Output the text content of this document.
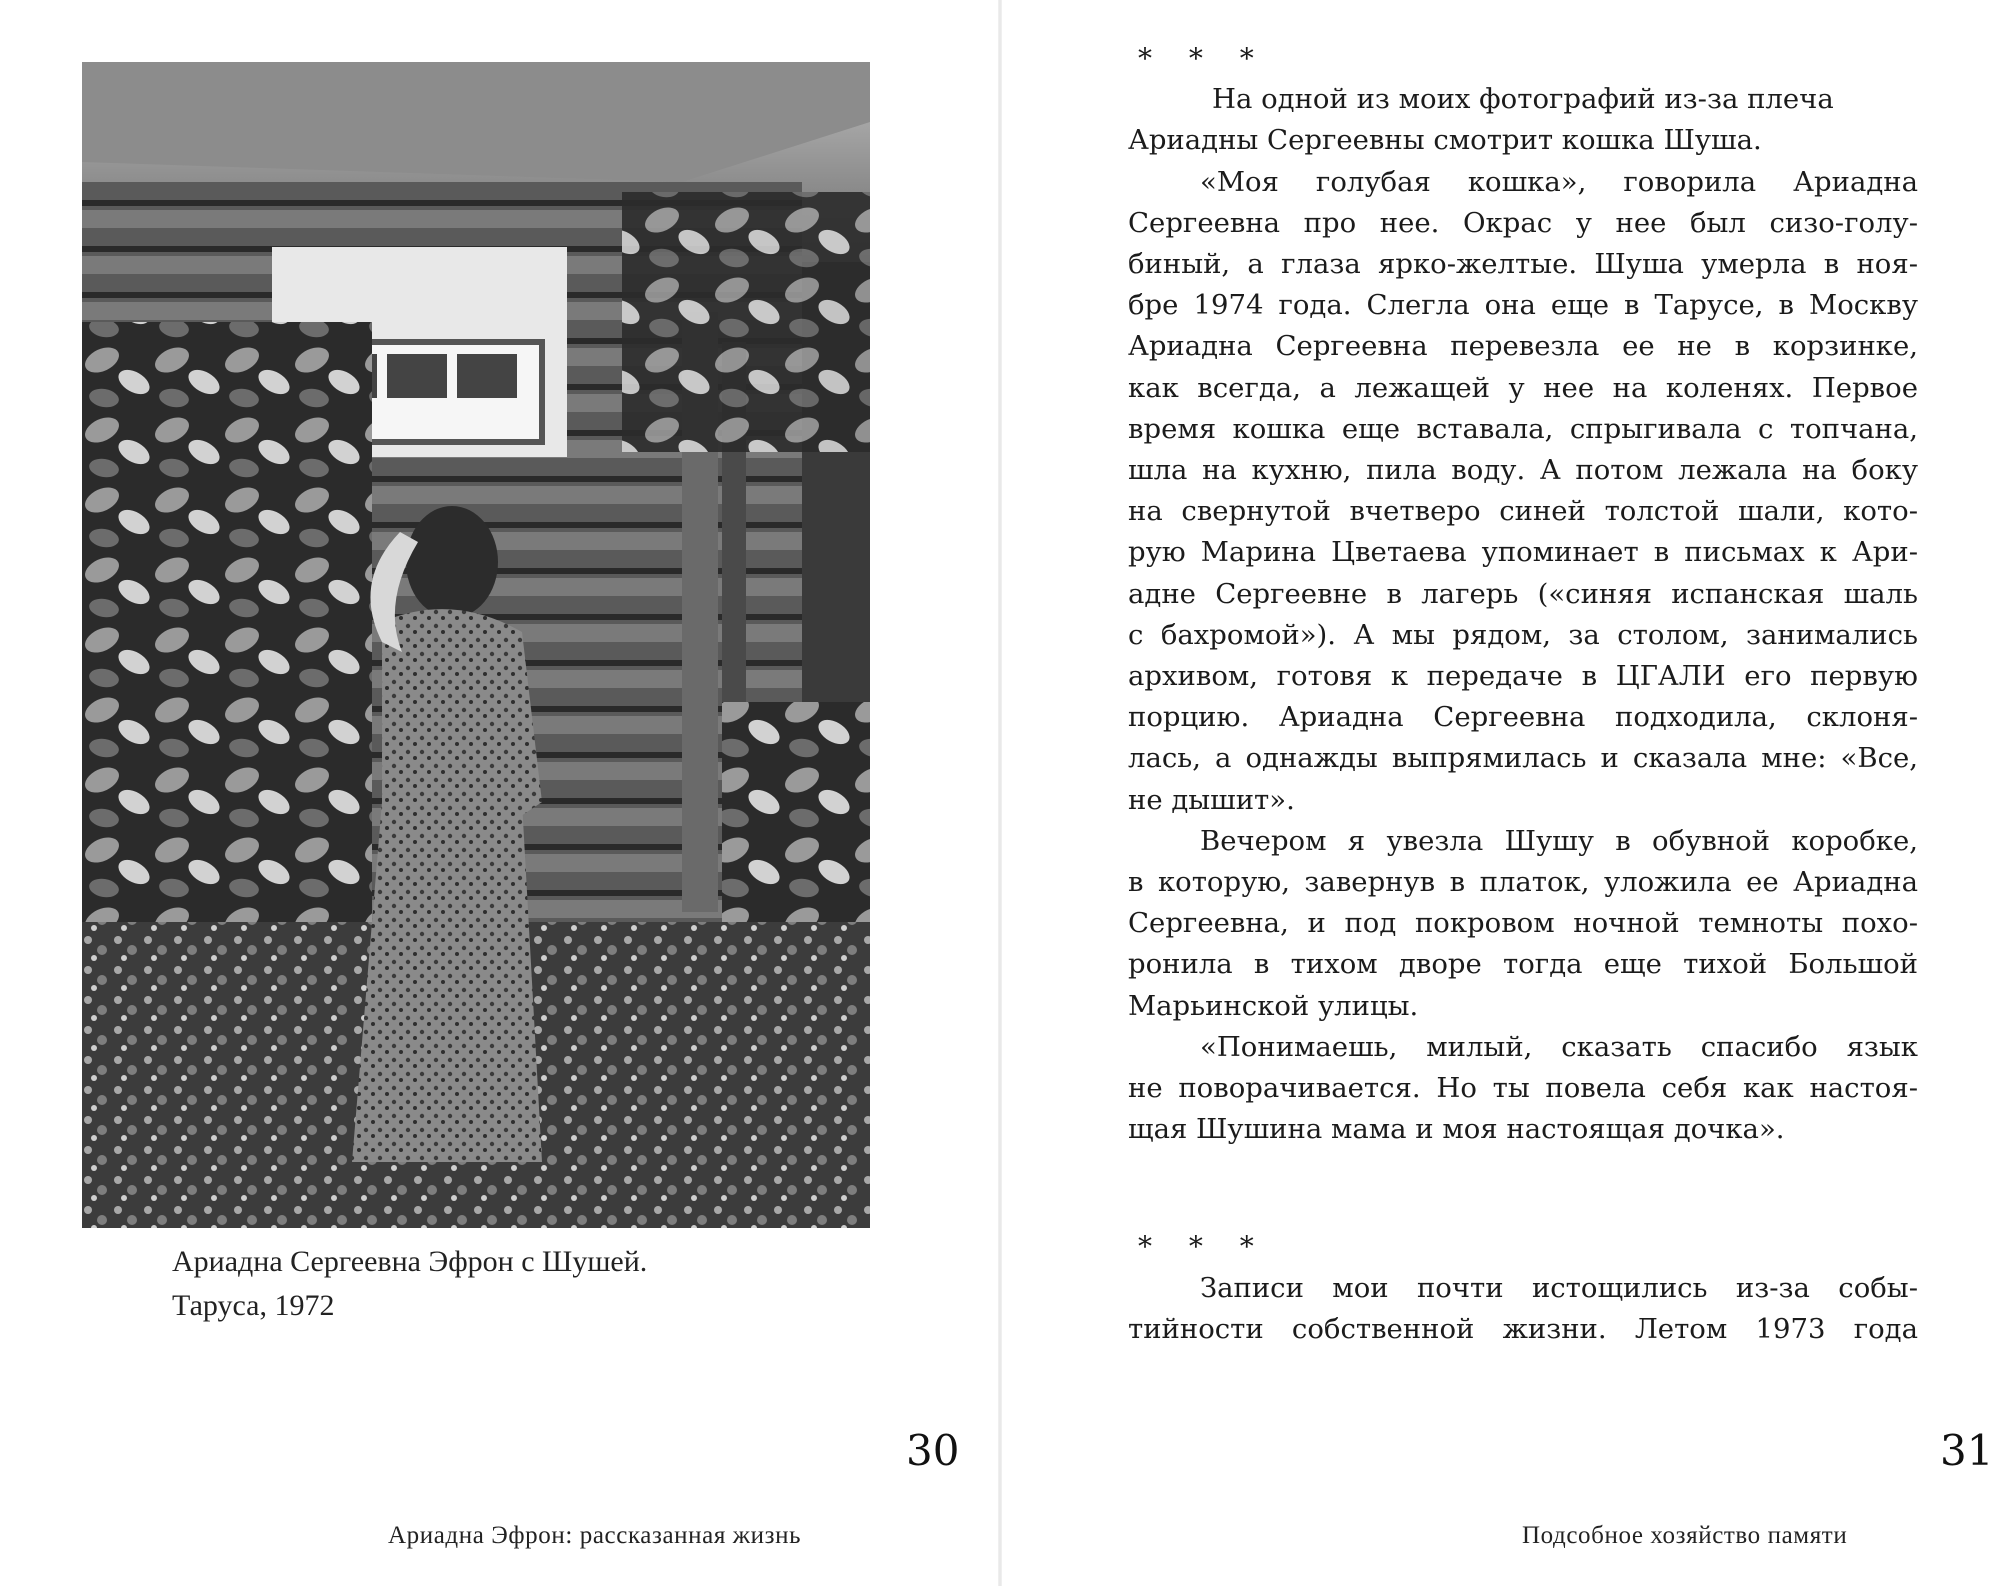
Ариадна Сергеевна Эфрон с Шушей.
Таруса, 1972
30
Ариадна Эфрон: рассказанная жизнь
* * *
На одной из моих фотографий из-за плеча
Ариадны Сергеевны смотрит кошка Шуша.
«Моя голубая кошка», говорила Ариадна
Сергеевна про нее. Окрас у нее был сизо-голу-
биный, а глаза ярко-желтые. Шуша умерла в ноя-
бре 1974 года. Слегла она еще в Тарусе, в Москву
Ариадна Сергеевна перевезла ее не в корзинке,
как всегда, а лежащей у нее на коленях. Первое
время кошка еще вставала, спрыгивала с топчана,
шла на кухню, пила воду. А потом лежала на боку
на свернутой вчетверо синей толстой шали, кото-
рую Марина Цветаева упоминает в письмах к Ари-
адне Сергеевне в лагерь («синяя испанская шаль
с бахромой»). А мы рядом, за столом, занимались
архивом, готовя к передаче в ЦГАЛИ его первую
порцию. Ариадна Сергеевна подходила, склоня-
лась, а однажды выпрямилась и сказала мне: «Все,
не дышит».
Вечером я увезла Шушу в обувной коробке,
в которую, завернув в платок, уложила ее Ариадна
Сергеевна, и под покровом ночной темноты похо-
ронила в тихом дворе тогда еще тихой Большой
Марьинской улицы.
«Понимаешь, милый, сказать спасибо язык
не поворачивается. Но ты повела себя как настоя-
щая Шушина мама и моя настоящая дочка».
* * *
Записи мои почти истощились из-за собы-
тийности собственной жизни. Летом 1973 года
31
Подсобное хозяйство памяти
